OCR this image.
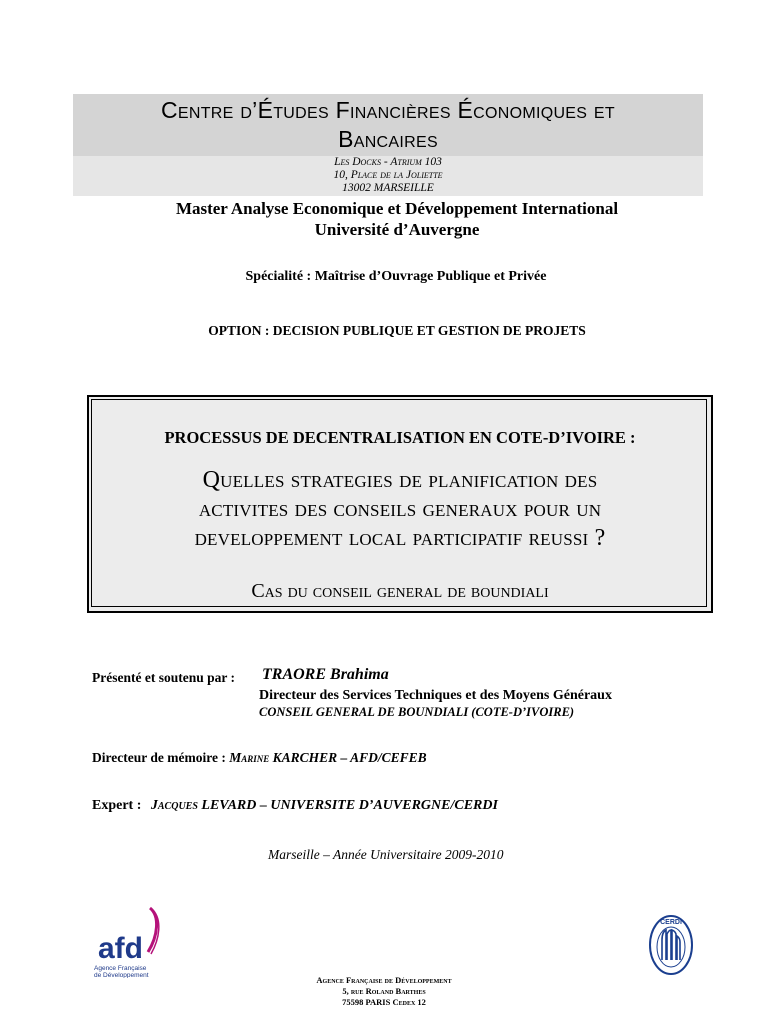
Centre d’Études Financières Économiques et
Bancaires
Les Docks - Atrium 103
10, Place de la Joliette
13002 MARSEILLE
Master Analyse Economique et Développement International
Université d’Auvergne
Spécialité : Maîtrise d’Ouvrage Publique et Privée
OPTION : DECISION PUBLIQUE ET GESTION DE PROJETS
PROCESSUS DE DECENTRALISATION EN COTE-D’IVOIRE :
Quelles strategies de planification des
activites des conseils generaux pour un
developpement local participatif reussi ?
Cas du conseil general de boundiali
Présenté et soutenu par : TRAORE Brahima
Directeur des Services Techniques et des Moyens Généraux
CONSEIL GENERAL DE BOUNDIALI (COTE-D’IVOIRE)
Directeur de mémoire : Marine KARCHER – AFD/CEFEB
Expert : Jacques LEVARD – UNIVERSITE D’AUVERGNE/CERDI
Marseille – Année Universitaire 2009-2010
afd
Agence Française
de Développement
CERDI
Agence Française de Développement
5, rue Roland Barthes
75598 PARIS Cedex 12
